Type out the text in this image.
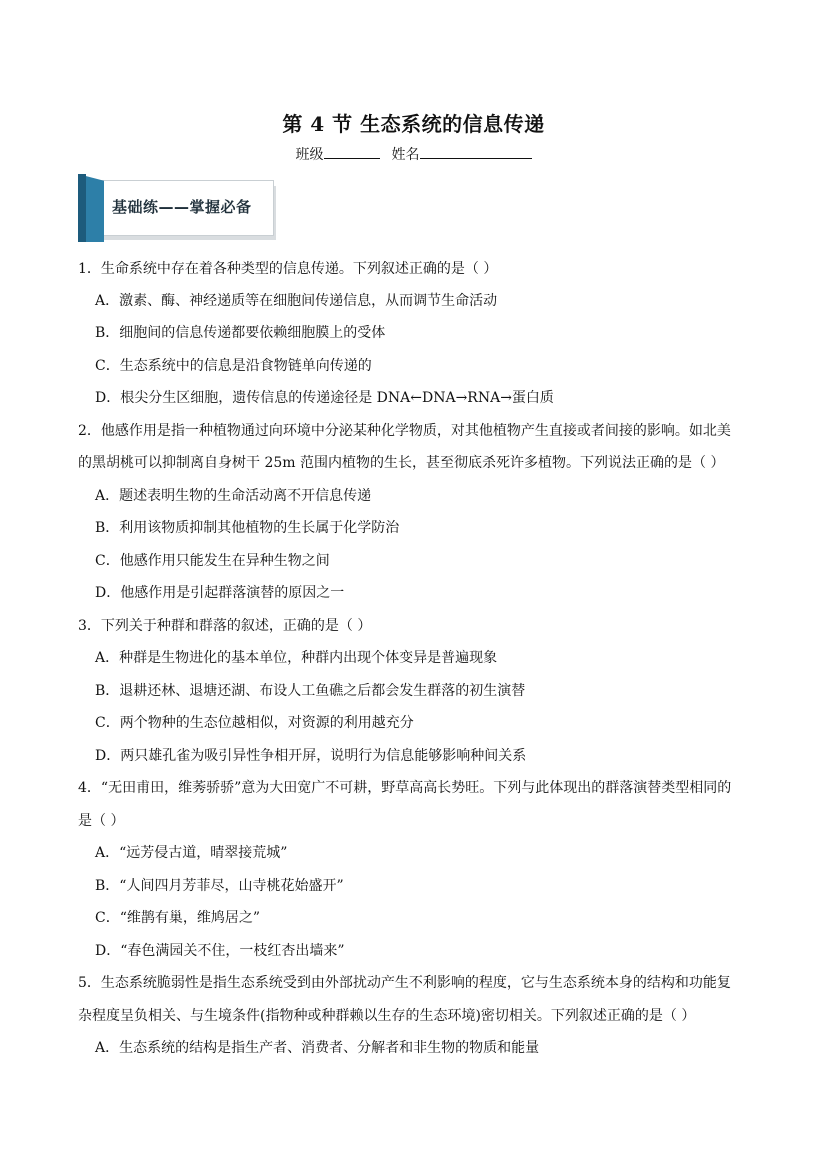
第 4 节 生态系统的信息传递
班级	姓名
基础练——掌握必备
1．生命系统中存在着各种类型的信息传递。下列叙述正确的是（ ）
A．激素、酶、神经递质等在细胞间传递信息，从而调节生命活动
B．细胞间的信息传递都要依赖细胞膜上的受体
C．生态系统中的信息是沿食物链单向传递的
D．根尖分生区细胞，遗传信息的传递途径是 DNA←DNA→RNA→蛋白质
2．他感作用是指一种植物通过向环境中分泌某种化学物质，对其他植物产生直接或者间接的影响。如北美
的黑胡桃可以抑制离自身树干 25m 范围内植物的生长，甚至彻底杀死许多植物。下列说法正确的是（ ）
A．题述表明生物的生命活动离不开信息传递
B．利用该物质抑制其他植物的生长属于化学防治
C．他感作用只能发生在异种生物之间
D．他感作用是引起群落演替的原因之一
3．下列关于种群和群落的叙述，正确的是（ ）
A．种群是生物进化的基本单位，种群内出现个体变异是普遍现象
B．退耕还林、退塘还湖、布设人工鱼礁之后都会发生群落的初生演替
C．两个物种的生态位越相似，对资源的利用越充分
D．两只雄孔雀为吸引异性争相开屏，说明行为信息能够影响种间关系
4．“无田甫田，维莠骄骄”意为大田宽广不可耕，野草高高长势旺。下列与此体现出的群落演替类型相同的
是（ ）
A．“远芳侵古道，晴翠接荒城”
B．“人间四月芳菲尽，山寺桃花始盛开”
C．“维鹊有巢，维鸠居之”
D．“春色满园关不住，一枝红杏出墙来”
5．生态系统脆弱性是指生态系统受到由外部扰动产生不利影响的程度，它与生态系统本身的结构和功能复
杂程度呈负相关、与生境条件(指物种或种群赖以生存的生态环境)密切相关。下列叙述正确的是（ ）
A．生态系统的结构是指生产者、消费者、分解者和非生物的物质和能量
